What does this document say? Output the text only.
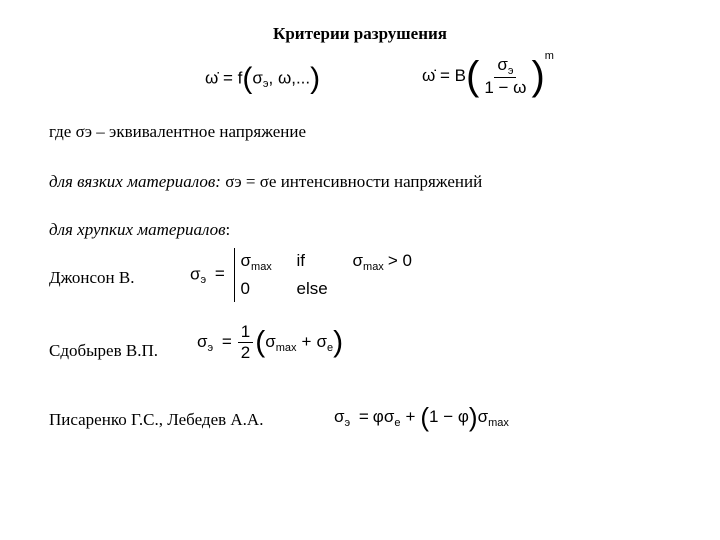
Критерии разрушения
ω̇ = $f(\sigma_э$, ω,...)	ω̇ = $B( \frac{\sigma_э}{1 - \omega} )^m$
где σэ – эквивалентное напряжение
для вязких материалов: σэ = σе интенсивности напряжений
для хрупких материалов:
Джонсон В.	$\sigma_э$ =
$\sigma_{max}$ if	$\sigma_{max} > 0$
0	else
Сдобырев В.П. $\sigma_э = \frac{1}{2} (\sigma_{max} + \sigma_e)$
Писаренко Г.С., Лебедев А.А.	$\sigma_э = \varphi\sigma_e + (1 - \varphi)\sigma_{max}$
